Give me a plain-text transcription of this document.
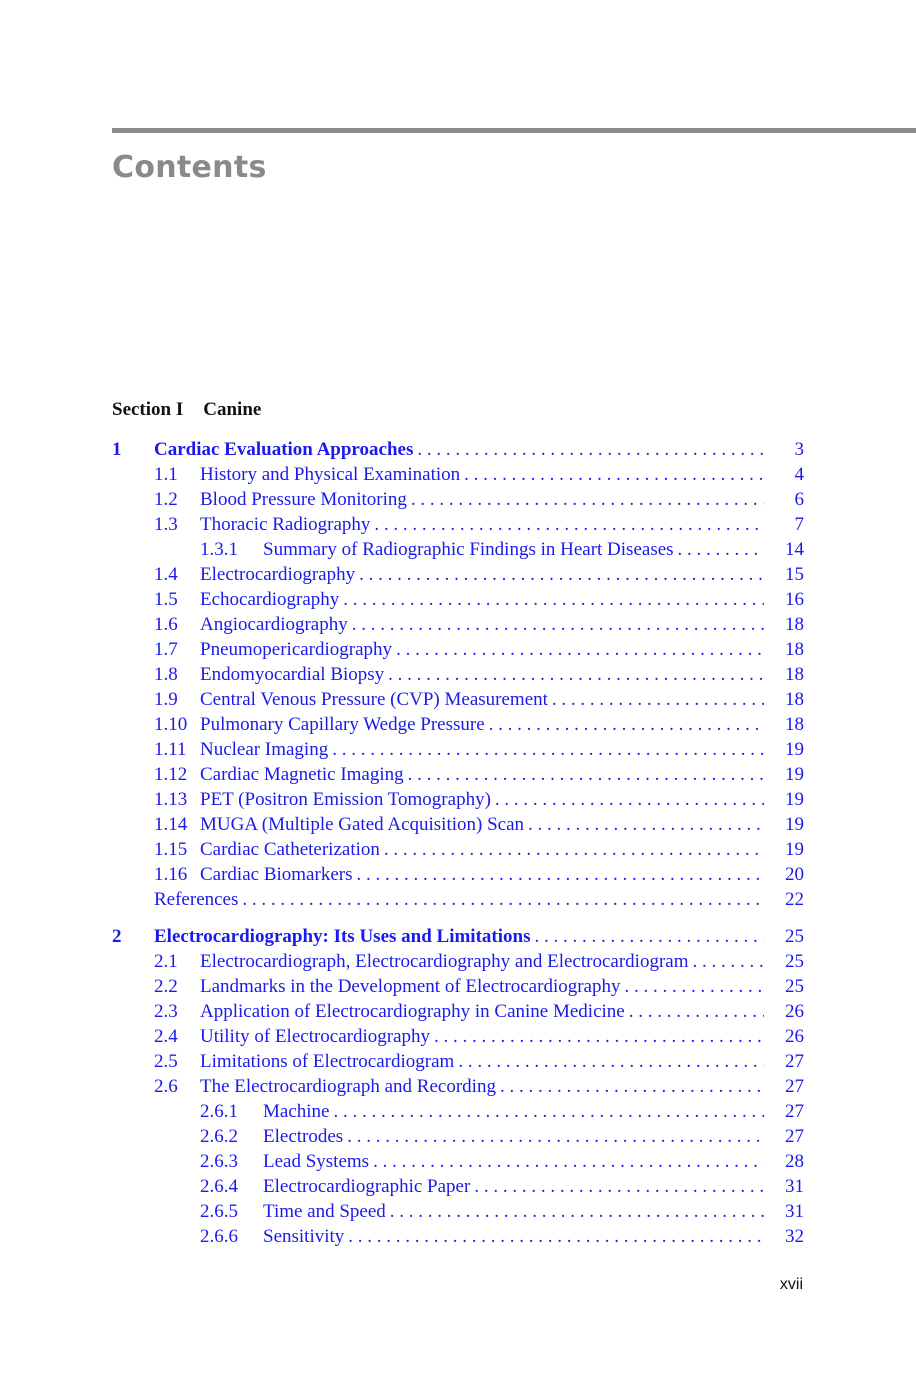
Contents
Section I Canine
1 Cardiac Evaluation Approaches . . .	3
1.1 History and Physical Examination . . .	4
1.2 Blood Pressure Monitoring . . .	6
1.3 Thoracic Radiography . . .	7
1.3.1 Summary of Radiographic Findings in Heart Diseases . . .	14
1.4 Electrocardiography . . .	15
1.5 Echocardiography . . .	16
1.6 Angiocardiography . . .	18
1.7 Pneumopericardiography . . .	18
1.8 Endomyocardial Biopsy . . .	18
1.9 Central Venous Pressure (CVP) Measurement . . .	18
1.10 Pulmonary Capillary Wedge Pressure . . .	18
1.11 Nuclear Imaging . . .	19
1.12 Cardiac Magnetic Imaging . . .	19
1.13 PET (Positron Emission Tomography) . . .	19
1.14 MUGA (Multiple Gated Acquisition) Scan . . .	19
1.15 Cardiac Catheterization . . .	19
1.16 Cardiac Biomarkers . . .	20
References . . .	22
2 Electrocardiography: Its Uses and Limitations . . .	25
2.1 Electrocardiograph, Electrocardiography and Electrocardiogram . . .	25
2.2 Landmarks in the Development of Electrocardiography . . .	25
2.3 Application of Electrocardiography in Canine Medicine . . .	26
2.4 Utility of Electrocardiography . . .	26
2.5 Limitations of Electrocardiogram . . .	27
2.6 The Electrocardiograph and Recording . . .	27
2.6.1 Machine . . .	27
2.6.2 Electrodes . . .	27
2.6.3 Lead Systems . . .	28
2.6.4 Electrocardiographic Paper . . .	31
2.6.5 Time and Speed . . .	31
2.6.6 Sensitivity . . .	32
xvii
